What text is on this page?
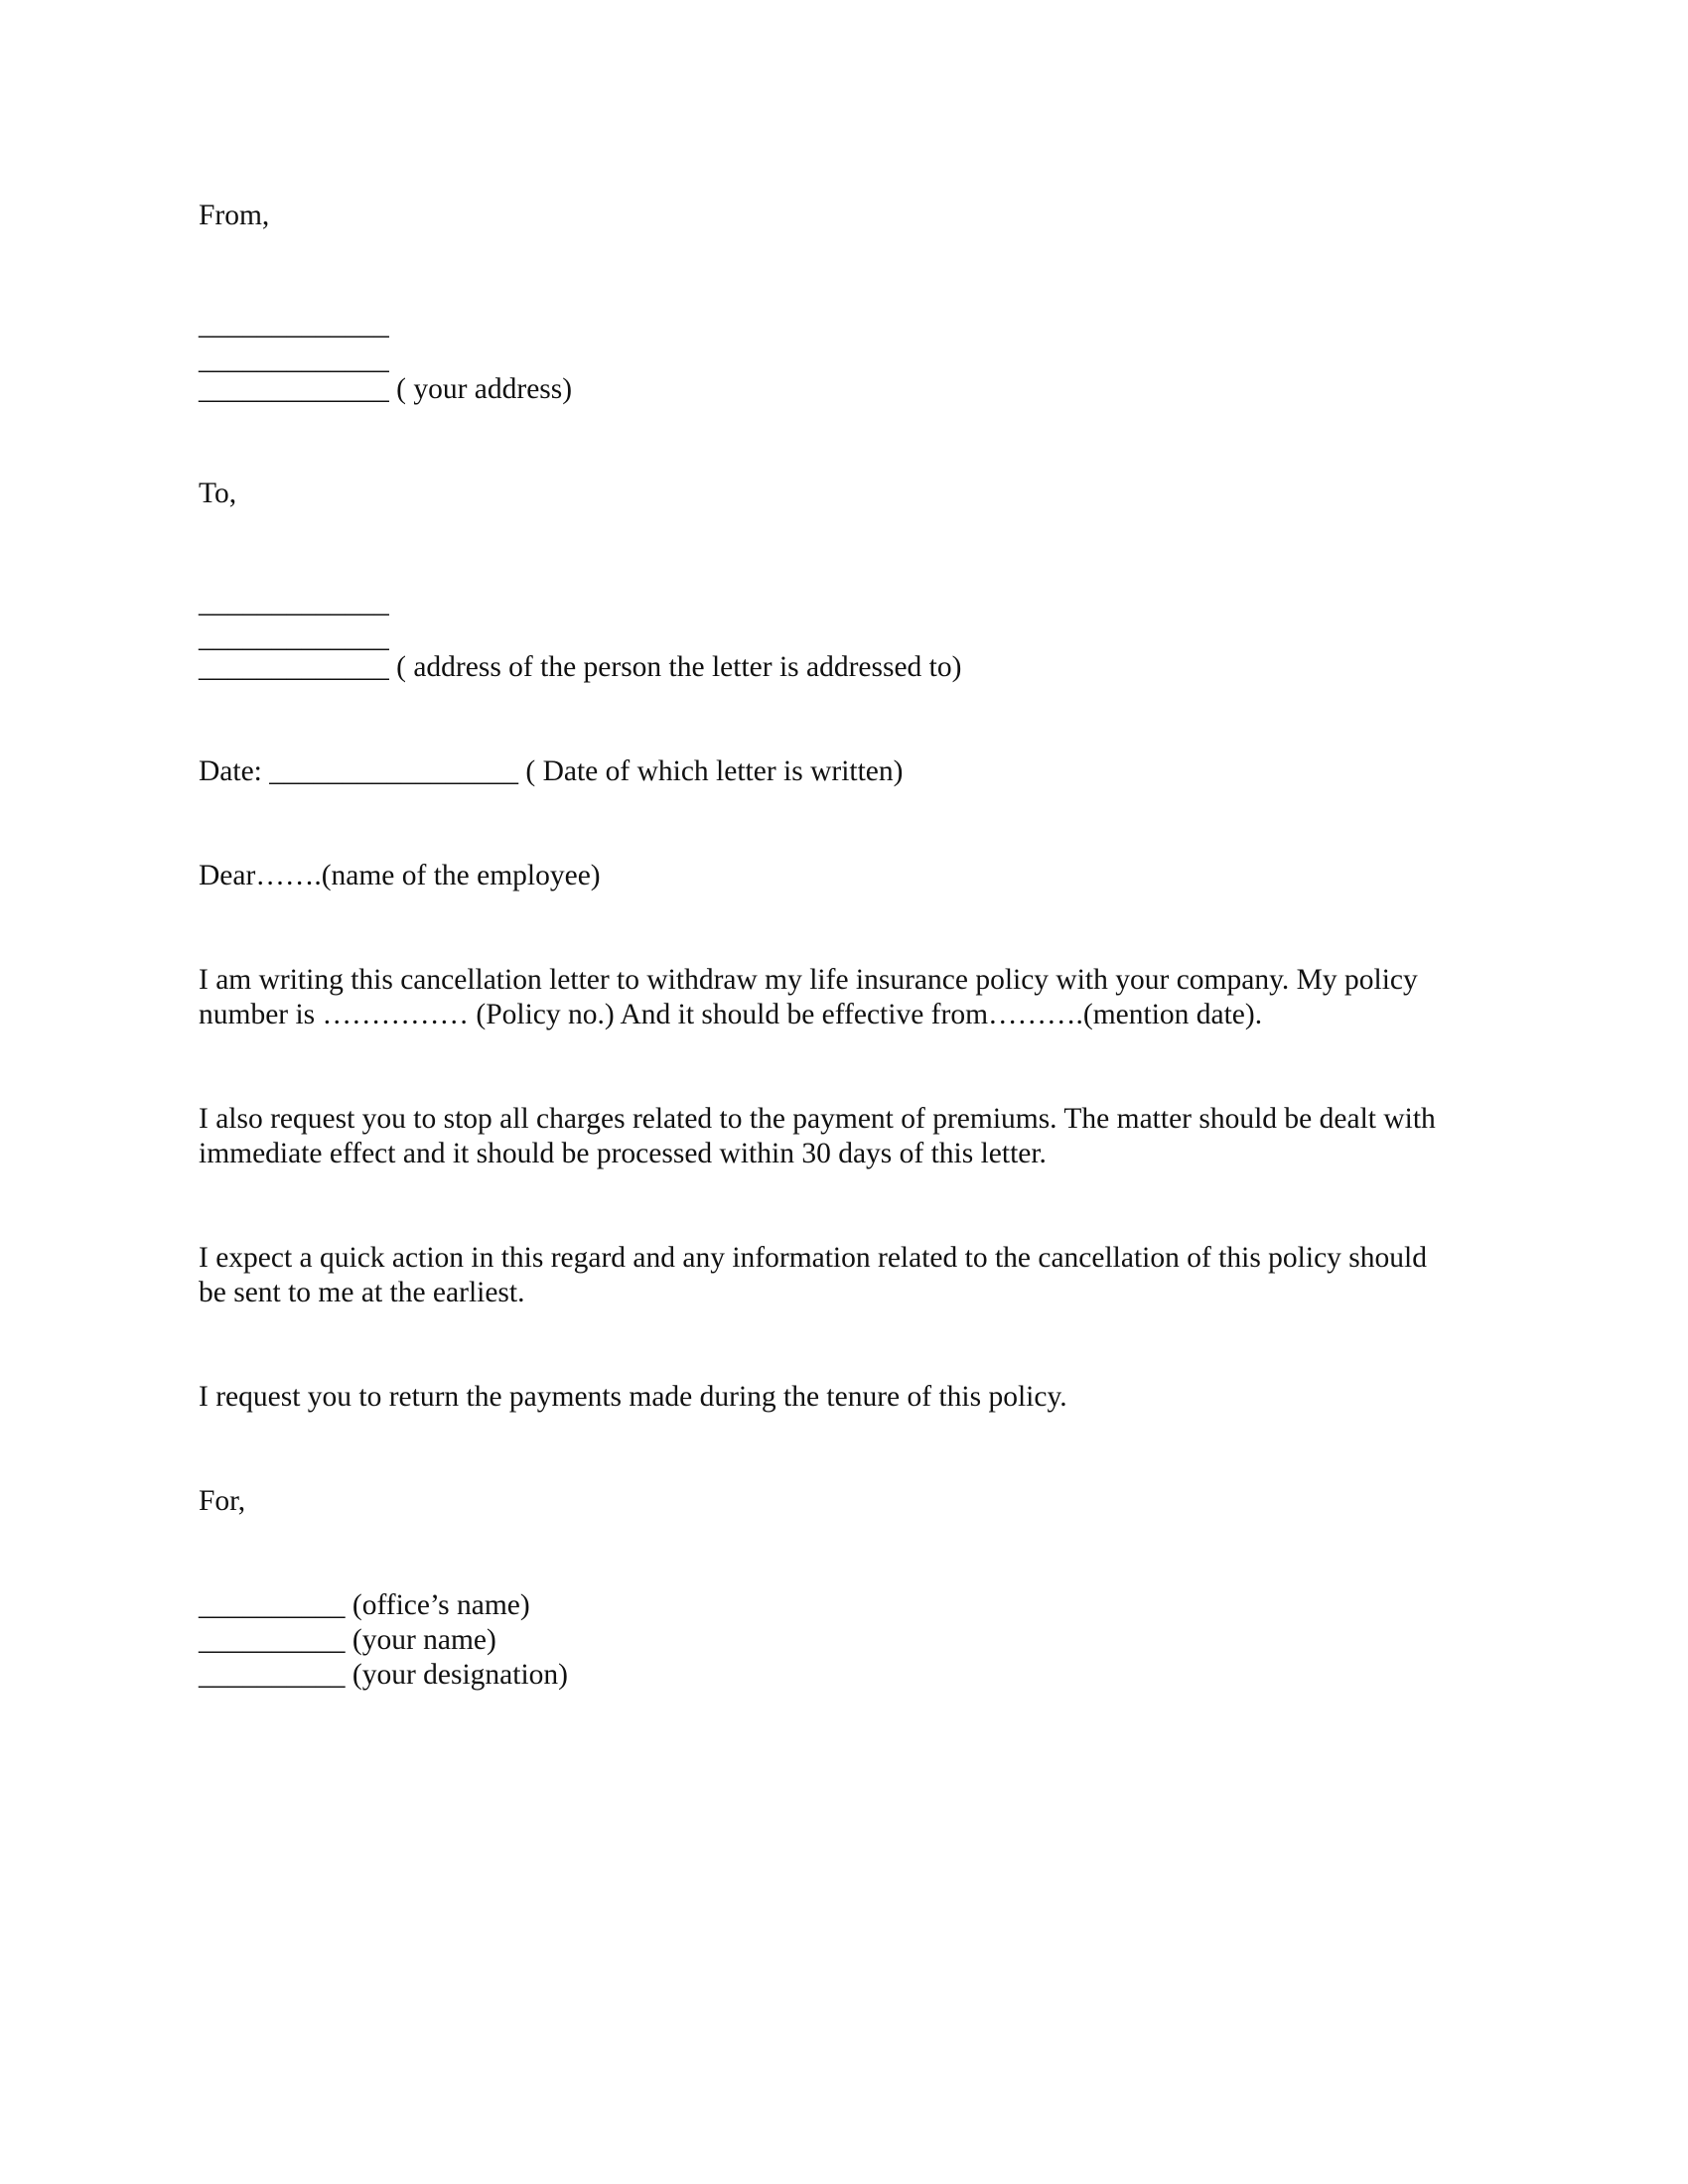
From,

_____________

_____________

_____________ ( your address)

To,

_____________

_____________

_____________ ( address of the person the letter is addressed to)

Date: _________________ ( Date of which letter is written)

Dear…….(name of the employee)

I am writing this cancellation letter to withdraw my life insurance policy with your company. My policy
number is …………… (Policy no.) And it should be effective from……….(mention date).
I also request you to stop all charges related to the payment of premiums. The matter should be dealt with
immediate effect and it should be processed within 30 days of this letter.
I expect a quick action in this regard and any information related to the cancellation of this policy should
be sent to me at the earliest.
I request you to return the payments made during the tenure of this policy.

For,

__________ (office’s name)

__________ (your name)

__________ (your designation)
